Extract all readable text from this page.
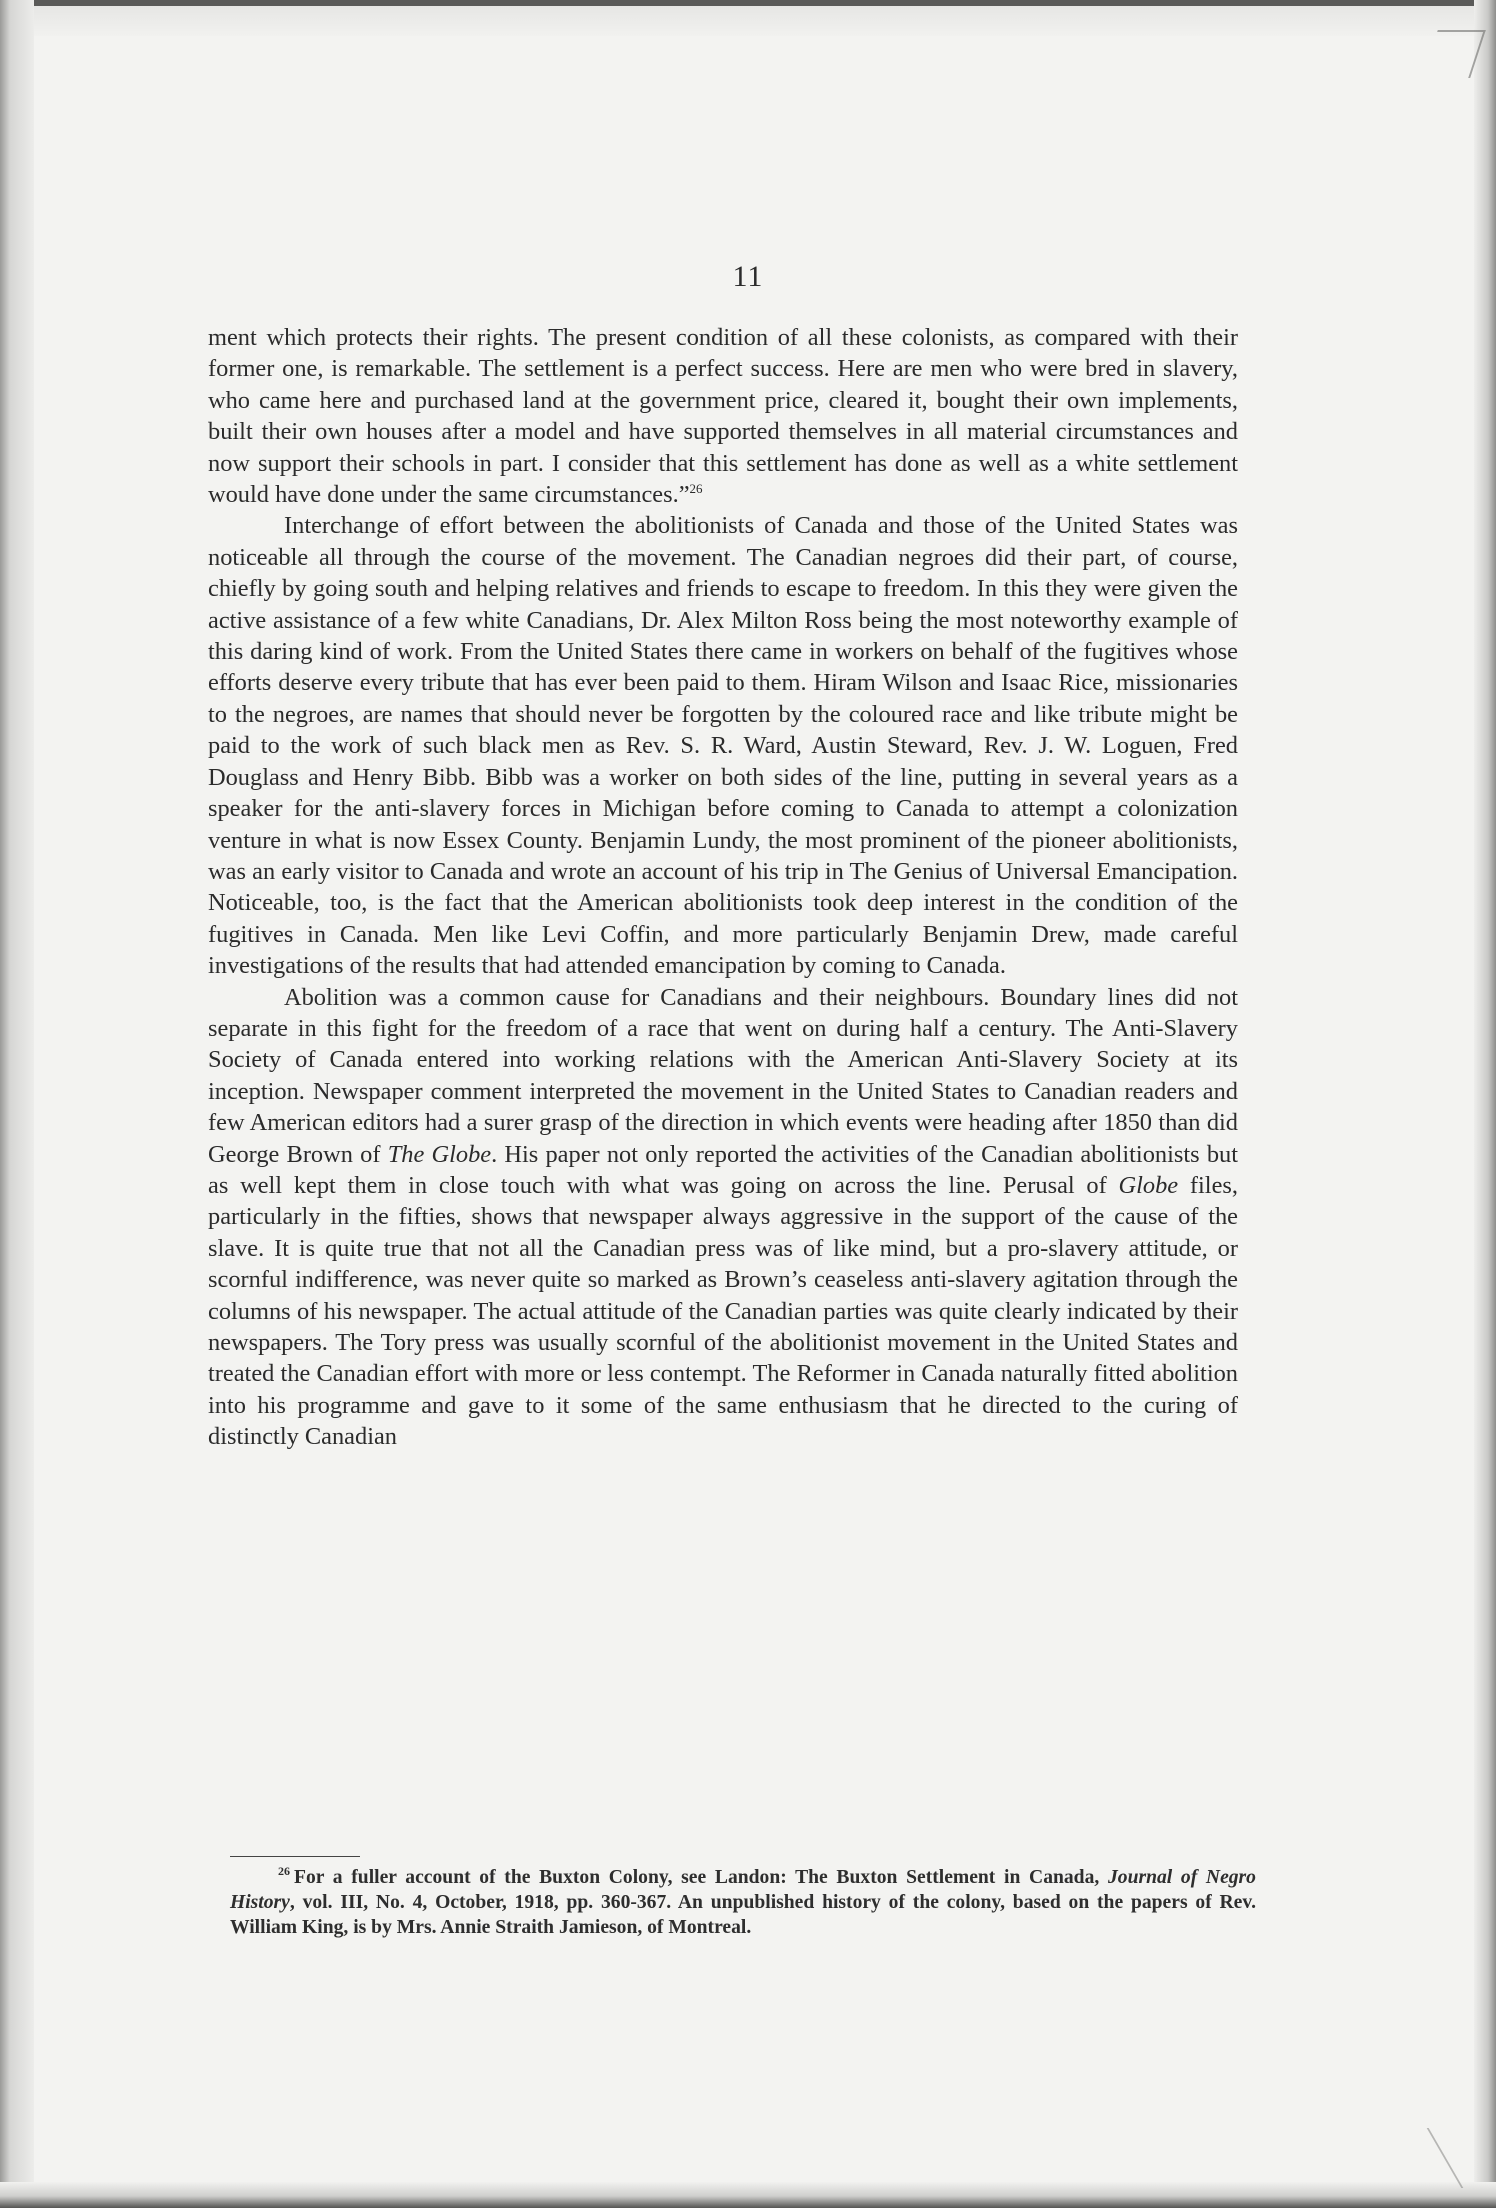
11

ment which protects their rights. The present condition of all these colonists, as compared with their former one, is remarkable. The settlement is a perfect success. Here are men who were bred in slavery, who came here and purchased land at the government price, cleared it, bought their own implements, built their own houses after a model and have supported themselves in all material circumstances and now support their schools in part. I consider that this settlement has done as well as a white settlement would have done under the same circumstances.”$^{26}$

Interchange of effort between the abolitionists of Canada and those of the United States was noticeable all through the course of the movement. The Canadian negroes did their part, of course, chiefly by going south and helping relatives and friends to escape to freedom. In this they were given the active assistance of a few white Canadians, Dr. Alex Milton Ross being the most noteworthy example of this daring kind of work. From the United States there came in workers on behalf of the fugitives whose efforts deserve every tribute that has ever been paid to them. Hiram Wilson and Isaac Rice, missionaries to the negroes, are names that should never be forgotten by the coloured race and like tribute might be paid to the work of such black men as Rev. S. R. Ward, Austin Steward, Rev. J. W. Loguen, Fred Douglass and Henry Bibb. Bibb was a worker on both sides of the line, putting in several years as a speaker for the anti-slavery forces in Michigan before coming to Canada to attempt a colonization venture in what is now Essex County. Benjamin Lundy, the most prominent of the pioneer abolitionists, was an early visitor to Canada and wrote an account of his trip in The Genius of Universal Emancipation. Noticeable, too, is the fact that the American abolitionists took deep interest in the condition of the fugitives in Canada. Men like Levi Coffin, and more particularly Benjamin Drew, made careful investigations of the results that had attended emancipation by coming to Canada.

Abolition was a common cause for Canadians and their neighbours. Boundary lines did not separate in this fight for the freedom of a race that went on during half a century. The Anti-Slavery Society of Canada entered into working relations with the American Anti-Slavery Society at its inception. Newspaper comment interpreted the movement in the United States to Canadian readers and few American editors had a surer grasp of the direction in which events were heading after 1850 than did George Brown of The Globe. His paper not only reported the activities of the Canadian abolitionists but as well kept them in close touch with what was going on across the line. Perusal of Globe files, particularly in the fifties, shows that newspaper always aggressive in the support of the cause of the slave. It is quite true that not all the Canadian press was of like mind, but a pro-slavery attitude, or scornful indifference, was never quite so marked as Brown’s ceaseless anti-slavery agitation through the columns of his newspaper. The actual attitude of the Canadian parties was quite clearly indicated by their newspapers. The Tory press was usually scornful of the abolitionist movement in the United States and treated the Canadian effort with more or less contempt. The Reformer in Canada naturally fitted abolition into his programme and gave to it some of the same enthusiasm that he directed to the curing of distinctly Canadian

$^{26}$ For a fuller account of the Buxton Colony, see Landon: The Buxton Settlement in Canada, Journal of Negro History, vol. III, No. 4, October, 1918, pp. 360-367. An unpublished history of the colony, based on the papers of Rev. William King, is by Mrs. Annie Straith Jamieson, of Montreal.
